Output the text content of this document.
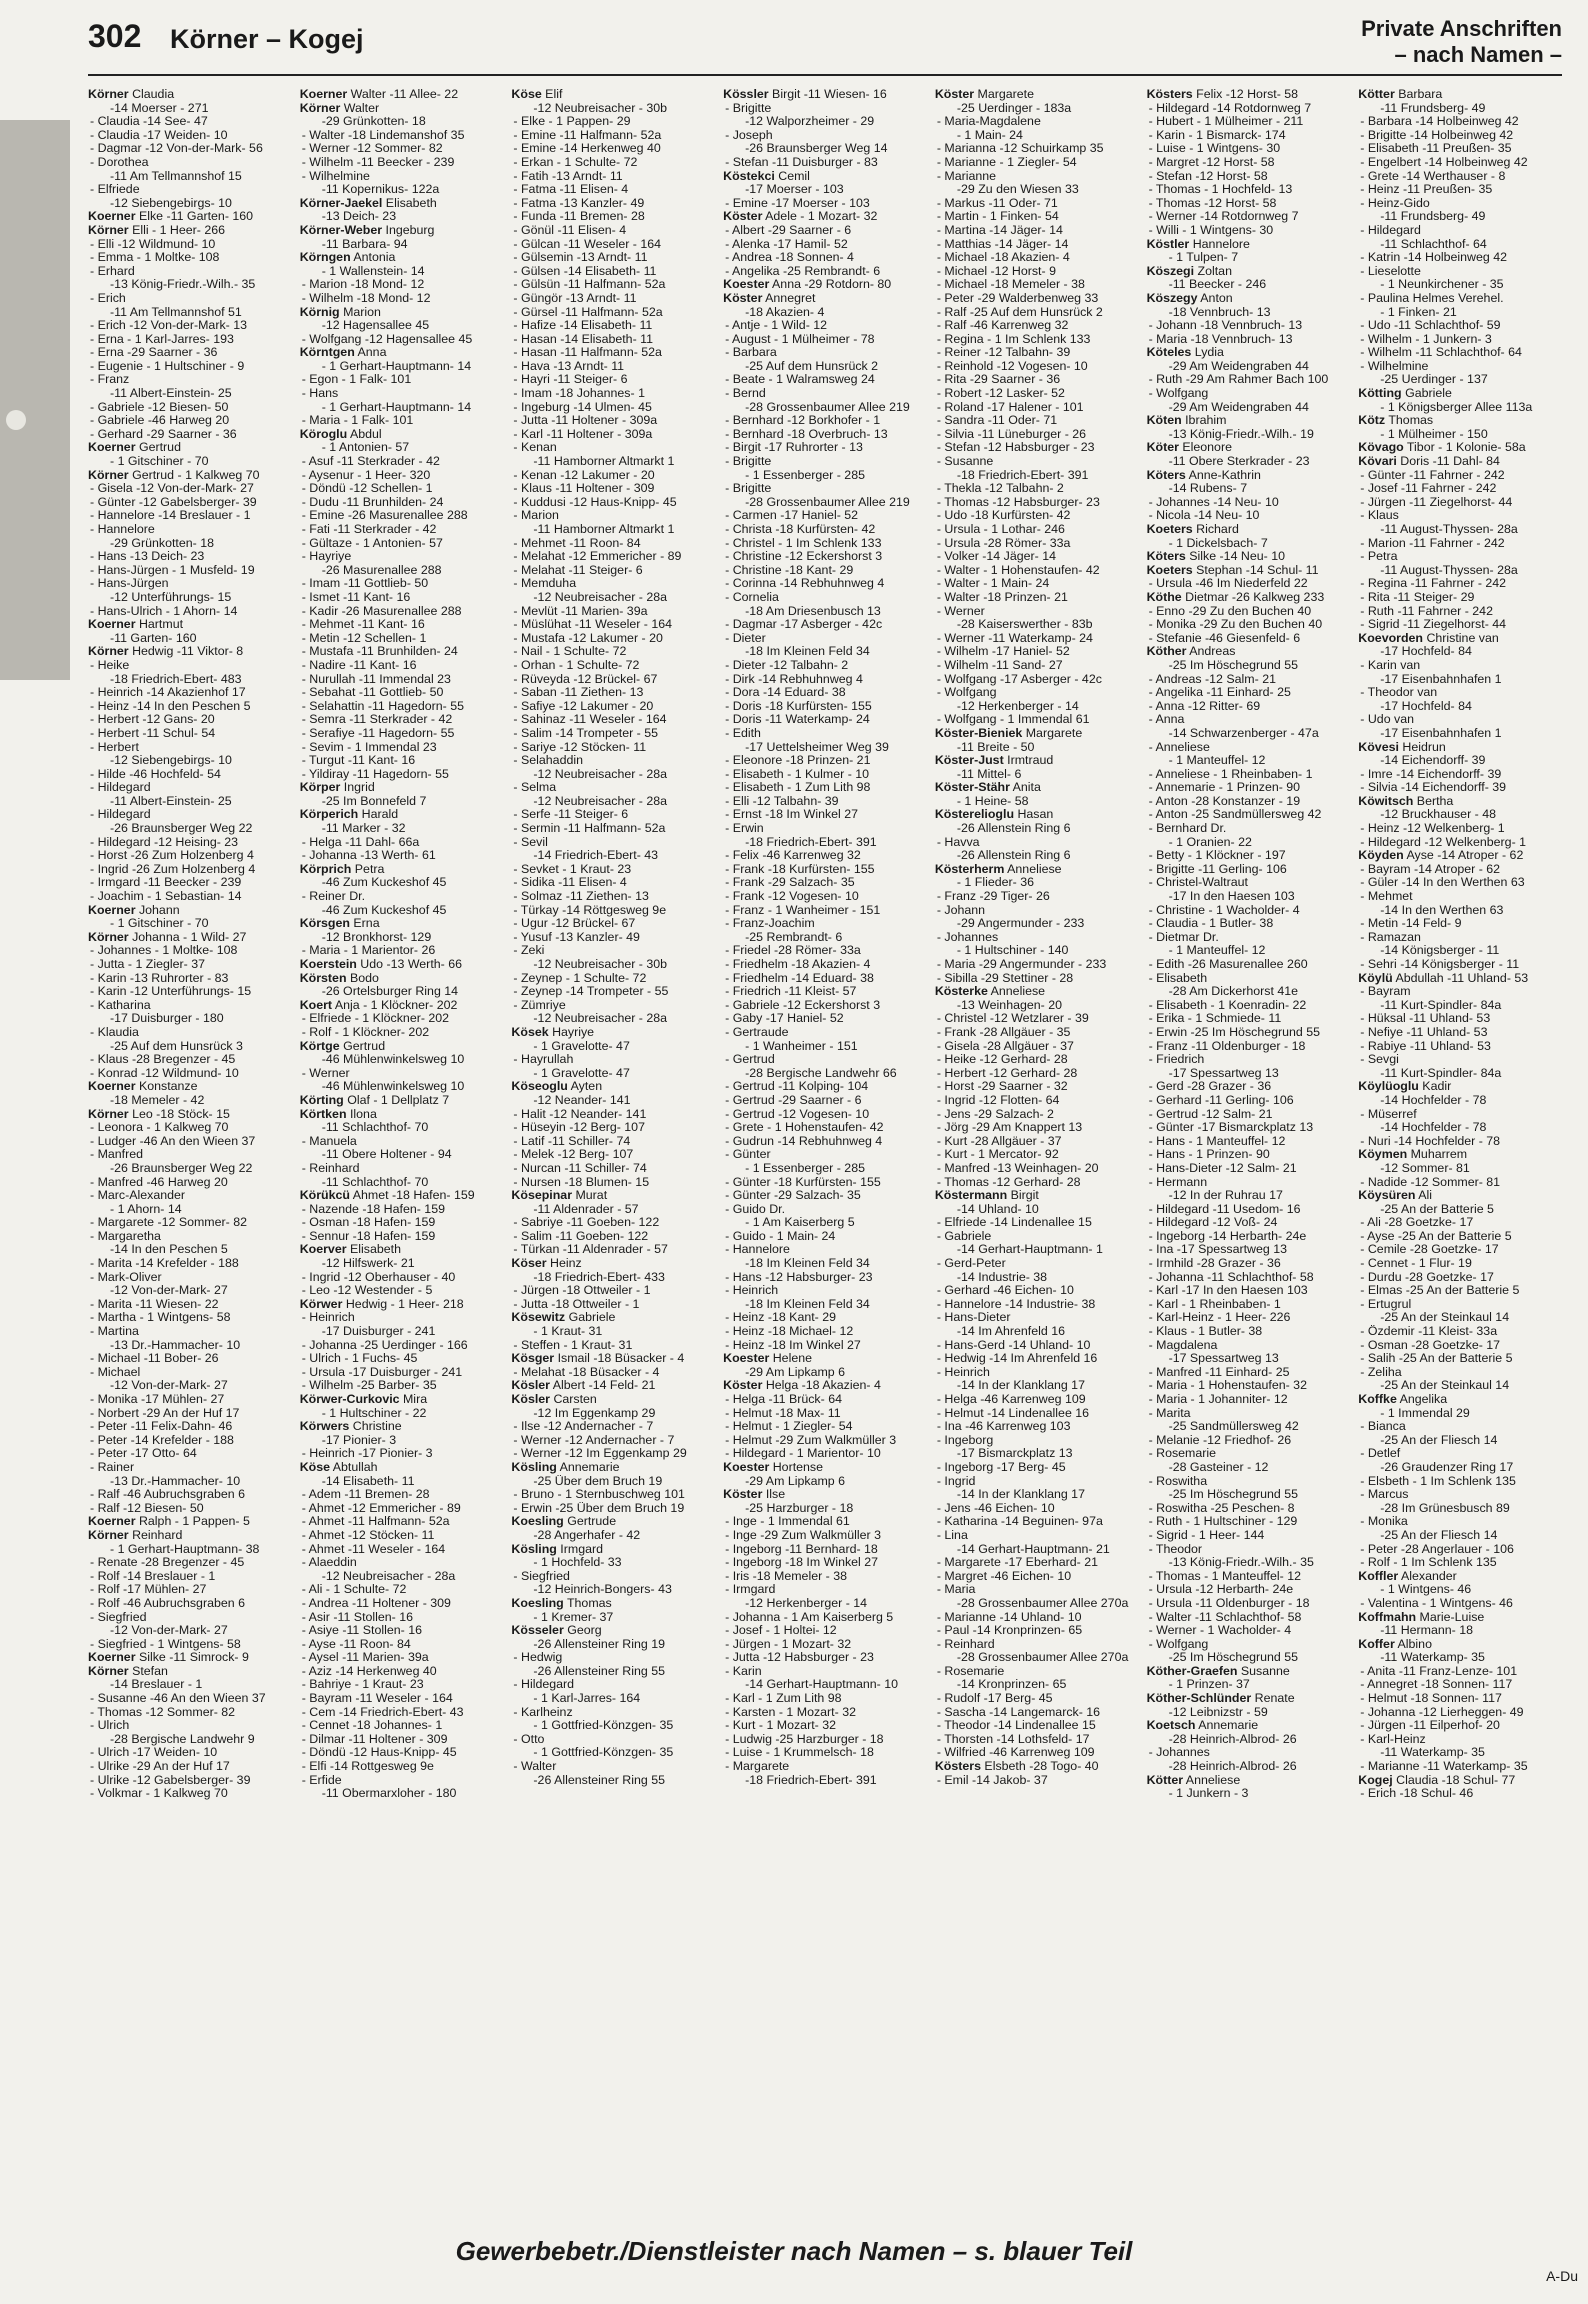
302 Körner – Kogej	Private Anschriften
– nach Namen –
Körner Claudia
-14 Moerser - 271
- Claudia -14 See- 47
- Claudia -17 Weiden- 10
- Dagmar -12 Von-der-Mark- 56
- Dorothea
-11 Am Tellmannshof 15
- Elfriede
-12 Siebengebirgs- 10
Koerner Elke -11 Garten- 160
Körner Elli - 1 Heer- 266
- Elli -12 Wildmund- 10
- Emma - 1 Moltke- 108
- Erhard
-13 König-Friedr.-Wilh.- 35
- Erich
-11 Am Tellmannshof 51
- Erich -12 Von-der-Mark- 13
- Erna - 1 Karl-Jarres- 193
- Erna -29 Saarner - 36
- Eugenie - 1 Hultschiner - 9
- Franz
-11 Albert-Einstein- 25
- Gabriele -12 Biesen- 50
- Gabriele -46 Harweg 20
- Gerhard -29 Saarner - 36
Koerner Gertrud
- 1 Gitschiner - 70
Körner Gertrud - 1 Kalkweg 70
- Gisela -12 Von-der-Mark- 27
- Günter -12 Gabelsberger- 39
- Hannelore -14 Breslauer - 1
- Hannelore
-29 Grünkotten- 18
- Hans -13 Deich- 23
- Hans-Jürgen - 1 Musfeld- 19
- Hans-Jürgen
-12 Unterführungs- 15
- Hans-Ulrich - 1 Ahorn- 14
Koerner Hartmut
-11 Garten- 160
Körner Hedwig -11 Viktor- 8
- Heike
-18 Friedrich-Ebert- 483
- Heinrich -14 Akazienhof 17
- Heinz -14 In den Peschen 5
- Herbert -12 Gans- 20
- Herbert -11 Schul- 54
- Herbert
-12 Siebengebirgs- 10
- Hilde -46 Hochfeld- 54
- Hildegard
-11 Albert-Einstein- 25
- Hildegard
-26 Braunsberger Weg 22
- Hildegard -12 Heising- 23
- Horst -26 Zum Holzenberg 4
- Ingrid -26 Zum Holzenberg 4
- Irmgard -11 Beecker - 239
- Joachim - 1 Sebastian- 14
Koerner Johann
- 1 Gitschiner - 70
Körner Johanna - 1 Wild- 27
- Johannes - 1 Moltke- 108
- Jutta - 1 Ziegler- 37
- Karin -13 Ruhrorter - 83
- Karin -12 Unterführungs- 15
- Katharina
-17 Duisburger - 180
- Klaudia
-25 Auf dem Hunsrück 3
- Klaus -28 Bregenzer - 45
- Konrad -12 Wildmund- 10
Koerner Konstanze
-18 Memeler - 42
Körner Leo -18 Stöck- 15
- Leonora - 1 Kalkweg 70
- Ludger -46 An den Wieen 37
- Manfred
-26 Braunsberger Weg 22
- Manfred -46 Harweg 20
- Marc-Alexander
- 1 Ahorn- 14
- Margarete -12 Sommer- 82
- Margaretha
-14 In den Peschen 5
- Marita -14 Krefelder - 188
- Mark-Oliver
-12 Von-der-Mark- 27
- Marita -11 Wiesen- 22
- Martha - 1 Wintgens- 58
- Martina
-13 Dr.-Hammacher- 10
- Michael -11 Bober- 26
- Michael
-12 Von-der-Mark- 27
- Monika -17 Mühlen- 27
- Norbert -29 An der Huf 17
- Peter -11 Felix-Dahn- 46
- Peter -14 Krefelder - 188
- Peter -17 Otto- 64
- Rainer
-13 Dr.-Hammacher- 10
- Ralf -46 Aubruchsgraben 6
- Ralf -12 Biesen- 50
Koerner Ralph - 1 Pappen- 5
Körner Reinhard
- 1 Gerhart-Hauptmann- 38
- Renate -28 Bregenzer - 45
- Rolf -14 Breslauer - 1
- Rolf -17 Mühlen- 27
- Rolf -46 Aubruchsgraben 6
- Siegfried
-12 Von-der-Mark- 27
- Siegfried - 1 Wintgens- 58
Koerner Silke -11 Simrock- 9
Körner Stefan
-14 Breslauer - 1
- Susanne -46 An den Wieen 37
- Thomas -12 Sommer- 82
- Ulrich
-28 Bergische Landwehr 9
- Ulrich -17 Weiden- 10
- Ulrike -29 An der Huf 17
- Ulrike -12 Gabelsberger- 39
- Volkmar - 1 Kalkweg 70
Koerner Walter -11 Allee- 22
Körner Walter
-29 Grünkotten- 18
- Walter -18 Lindemanshof 35
- Werner -12 Sommer- 82
- Wilhelm -11 Beecker - 239
- Wilhelmine
-11 Kopernikus- 122a
Körner-Jaekel Elisabeth
-13 Deich- 23
Körner-Weber Ingeburg
-11 Barbara- 94
Körngen Antonia
- 1 Wallenstein- 14
- Marion -18 Mond- 12
- Wilhelm -18 Mond- 12
Körnig Marion
-12 Hagensallee 45
- Wolfgang -12 Hagensallee 45
Körntgen Anna
- 1 Gerhart-Hauptmann- 14
- Egon - 1 Falk- 101
- Hans
- 1 Gerhart-Hauptmann- 14
- Maria - 1 Falk- 101
Köroglu Abdul
- 1 Antonien- 57
- Asuf -11 Sterkrader - 42
- Aysenur - 1 Heer- 320
- Döndü -12 Schellen- 1
- Dudu -11 Brunhilden- 24
- Emine -26 Masurenallee 288
- Fati -11 Sterkrader - 42
- Gültaze - 1 Antonien- 57
- Hayriye
-26 Masurenallee 288
- Imam -11 Gottlieb- 50
- Ismet -11 Kant- 16
- Kadir -26 Masurenallee 288
- Mehmet -11 Kant- 16
- Metin -12 Schellen- 1
- Mustafa -11 Brunhilden- 24
- Nadire -11 Kant- 16
- Nurullah -11 Immendal 23
- Sebahat -11 Gottlieb- 50
- Selahattin -11 Hagedorn- 55
- Semra -11 Sterkrader - 42
- Serafiye -11 Hagedorn- 55
- Sevim - 1 Immendal 23
- Turgut -11 Kant- 16
- Yildiray -11 Hagedorn- 55
Körper Ingrid
-25 Im Bonnefeld 7
Körperich Harald
-11 Marker - 32
- Helga -11 Dahl- 66a
- Johanna -13 Werth- 61
Körprich Petra
-46 Zum Kuckeshof 45
- Reiner Dr.
-46 Zum Kuckeshof 45
Körsgen Erna
-12 Bronkhorst- 129
- Maria - 1 Marientor- 26
Koerstein Udo -13 Werth- 66
Körsten Bodo
-26 Ortelsburger Ring 14
Koert Anja - 1 Klöckner- 202
- Elfriede - 1 Klöckner- 202
- Rolf - 1 Klöckner- 202
Körtge Gertrud
-46 Mühlenwinkelsweg 10
- Werner
-46 Mühlenwinkelsweg 10
Körting Olaf - 1 Dellplatz 7
Körtken Ilona
-11 Schlachthof- 70
- Manuela
-11 Obere Holtener - 94
- Reinhard
-11 Schlachthof- 70
Körükcü Ahmet -18 Hafen- 159
- Nazende -18 Hafen- 159
- Osman -18 Hafen- 159
- Sennur -18 Hafen- 159
Koerver Elisabeth
-12 Hilfswerk- 21
- Ingrid -12 Oberhauser - 40
- Leo -12 Westender - 5
Körwer Hedwig - 1 Heer- 218
- Heinrich
-17 Duisburger - 241
- Johanna -25 Uerdinger - 166
- Ulrich - 1 Fuchs- 45
- Ursula -17 Duisburger - 241
- Wilhelm -25 Barber- 35
Körwer-Curkovic Mira
- 1 Hultschiner - 22
Körwers Christine
-17 Pionier- 3
- Heinrich -17 Pionier- 3
Köse Abtullah
-14 Elisabeth- 11
- Adem -11 Bremen- 28
- Ahmet -12 Emmericher - 89
- Ahmet -11 Halfmann- 52a
- Ahmet -12 Stöcken- 11
- Ahmet -11 Weseler - 164
- Alaeddin
-12 Neubreisacher - 28a
- Ali - 1 Schulte- 72
- Andrea -11 Holtener - 309
- Asir -11 Stollen- 16
- Asiye -11 Stollen- 16
- Ayse -11 Roon- 84
- Aysel -11 Marien- 39a
- Aziz -14 Herkenweg 40
- Bahriye - 1 Kraut- 23
- Bayram -11 Weseler - 164
- Cem -14 Friedrich-Ebert- 43
- Cennet -18 Johannes- 1
- Dilmar -11 Holtener - 309
- Döndü -12 Haus-Knipp- 45
- Elfi -14 Rottgesweg 9e
- Erfide
-11 Obermarxloher - 180
Köse Elif
-12 Neubreisacher - 30b
- Elke - 1 Pappen- 29
- Emine -11 Halfmann- 52a
- Emine -14 Herkenweg 40
- Erkan - 1 Schulte- 72
- Fatih -13 Arndt- 11
- Fatma -11 Elisen- 4
- Fatma -13 Kanzler- 49
- Funda -11 Bremen- 28
- Gönül -11 Elisen- 4
- Gülcan -11 Weseler - 164
- Gülsemin -13 Arndt- 11
- Gülsen -14 Elisabeth- 11
- Gülsün -11 Halfmann- 52a
- Güngör -13 Arndt- 11
- Gürsel -11 Halfmann- 52a
- Hafize -14 Elisabeth- 11
- Hasan -14 Elisabeth- 11
- Hasan -11 Halfmann- 52a
- Hava -13 Arndt- 11
- Hayri -11 Steiger- 6
- Imam -18 Johannes- 1
- Ingeburg -14 Ulmen- 45
- Jutta -11 Holtener - 309a
- Karl -11 Holtener - 309a
- Kenan
-11 Hamborner Altmarkt 1
- Kenan -12 Lakumer - 20
- Klaus -11 Holtener - 309
- Kuddusi -12 Haus-Knipp- 45
- Marion
-11 Hamborner Altmarkt 1
- Mehmet -11 Roon- 84
- Melahat -12 Emmericher - 89
- Melahat -11 Steiger- 6
- Memduha
-12 Neubreisacher - 28a
- Mevlüt -11 Marien- 39a
- Müslühat -11 Weseler - 164
- Mustafa -12 Lakumer - 20
- Nail - 1 Schulte- 72
- Orhan - 1 Schulte- 72
- Rüveyda -12 Brückel- 67
- Saban -11 Ziethen- 13
- Safiye -12 Lakumer - 20
- Sahinaz -11 Weseler - 164
- Salim -14 Trompeter - 55
- Sariye -12 Stöcken- 11
- Selahaddin
-12 Neubreisacher - 28a
- Selma
-12 Neubreisacher - 28a
- Serfe -11 Steiger- 6
- Sermin -11 Halfmann- 52a
- Sevil
-14 Friedrich-Ebert- 43
- Sevket - 1 Kraut- 23
- Sidika -11 Elisen- 4
- Solmaz -11 Ziethen- 13
- Türkay -14 Röttgesweg 9e
- Ugur -12 Brückel- 67
- Yusuf -13 Kanzler- 49
- Zeki
-12 Neubreisacher - 30b
- Zeynep - 1 Schulte- 72
- Zeynep -14 Trompeter - 55
- Zümriye
-12 Neubreisacher - 28a
Kösek Hayriye
- 1 Gravelotte- 47
- Hayrullah
- 1 Gravelotte- 47
Köseoglu Ayten
-12 Neander- 141
- Halit -12 Neander- 141
- Hüseyin -12 Berg- 107
- Latif -11 Schiller- 74
- Melek -12 Berg- 107
- Nurcan -11 Schiller- 74
- Nursen -18 Blumen- 15
Kösepinar Murat
-11 Aldenrader - 57
- Sabriye -11 Goeben- 122
- Salim -11 Goeben- 122
- Türkan -11 Aldenrader - 57
Köser Heinz
-18 Friedrich-Ebert- 433
- Jürgen -18 Ottweiler - 1
- Jutta -18 Ottweiler - 1
Kösewitz Gabriele
- 1 Kraut- 31
- Steffen - 1 Kraut- 31
Kösger Ismail -18 Büsacker - 4
- Melahat -18 Büsacker - 4
Kösler Albert -14 Feld- 21
Kösler Carsten
-12 Im Eggenkamp 29
- Ilse -12 Andernacher - 7
- Werner -12 Andernacher - 7
- Werner -12 Im Eggenkamp 29
Kösling Annemarie
-25 Über dem Bruch 19
- Bruno - 1 Sternbuschweg 101
- Erwin -25 Über dem Bruch 19
Koesling Gertrude
-28 Angerhafer - 42
Kösling Irmgard
- 1 Hochfeld- 33
- Siegfried
-12 Heinrich-Bongers- 43
Koesling Thomas
- 1 Kremer- 37
Kösseler Georg
-26 Allensteiner Ring 19
- Hedwig
-26 Allensteiner Ring 55
- Hildegard
- 1 Karl-Jarres- 164
- Karlheinz
- 1 Gottfried-Könzgen- 35
- Otto
- 1 Gottfried-Könzgen- 35
- Walter
-26 Allensteiner Ring 55
Kössler Birgit -11 Wiesen- 16
- Brigitte
-12 Walporzheimer - 29
- Joseph
-26 Braunsberger Weg 14
- Stefan -11 Duisburger - 83
Köstekci Cemil
-17 Moerser - 103
- Emine -17 Moerser - 103
Köster Adele - 1 Mozart- 32
- Albert -29 Saarner - 6
- Alenka -17 Hamil- 52
- Andrea -18 Sonnen- 4
- Angelika -25 Rembrandt- 6
Koester Anna -29 Rotdorn- 80
Köster Annegret
-18 Akazien- 4
- Antje - 1 Wild- 12
- August - 1 Mülheimer - 78
- Barbara
-25 Auf dem Hunsrück 2
- Beate - 1 Walramsweg 24
- Bernd
-28 Grossenbaumer Allee 219
- Bernhard -12 Borkhofer - 1
- Bernhard -18 Overbruch- 13
- Birgit -17 Ruhrorter - 13
- Brigitte
- 1 Essenberger - 285
- Brigitte
-28 Grossenbaumer Allee 219
- Carmen -17 Haniel- 52
- Christa -18 Kurfürsten- 42
- Christel - 1 Im Schlenk 133
- Christine -12 Eckershorst 3
- Christine -18 Kant- 29
- Corinna -14 Rebhuhnweg 4
- Cornelia
-18 Am Driesenbusch 13
- Dagmar -17 Asberger - 42c
- Dieter
-18 Im Kleinen Feld 34
- Dieter -12 Talbahn- 2
- Dirk -14 Rebhuhnweg 4
- Dora -14 Eduard- 38
- Doris -18 Kurfürsten- 155
- Doris -11 Waterkamp- 24
- Edith
-17 Uettelsheimer Weg 39
- Eleonore -18 Prinzen- 21
- Elisabeth - 1 Kulmer - 10
- Elisabeth - 1 Zum Lith 98
- Elli -12 Talbahn- 39
- Ernst -18 Im Winkel 27
- Erwin
-18 Friedrich-Ebert- 391
- Felix -46 Karrenweg 32
- Frank -18 Kurfürsten- 155
- Frank -29 Salzach- 35
- Frank -12 Vogesen- 10
- Franz - 1 Wanheimer - 151
- Franz-Joachim
-25 Rembrandt- 6
- Friedel -28 Römer- 33a
- Friedhelm -18 Akazien- 4
- Friedhelm -14 Eduard- 38
- Friedrich -11 Kleist- 57
- Gabriele -12 Eckershorst 3
- Gaby -17 Haniel- 52
- Gertraude
- 1 Wanheimer - 151
- Gertrud
-28 Bergische Landwehr 66
- Gertrud -11 Kolping- 104
- Gertrud -29 Saarner - 6
- Gertrud -12 Vogesen- 10
- Grete - 1 Hohenstaufen- 42
- Gudrun -14 Rebhuhnweg 4
- Günter
- 1 Essenberger - 285
- Günter -18 Kurfürsten- 155
- Günter -29 Salzach- 35
- Guido Dr.
- 1 Am Kaiserberg 5
- Guido - 1 Main- 24
- Hannelore
-18 Im Kleinen Feld 34
- Hans -12 Habsburger- 23
- Heinrich
-18 Im Kleinen Feld 34
- Heinz -18 Kant- 29
- Heinz -18 Michael- 12
- Heinz -18 Im Winkel 27
Koester Helene
-29 Am Lipkamp 6
Köster Helga -18 Akazien- 4
- Helga -11 Brück- 64
- Helmut -18 Max- 11
- Helmut - 1 Ziegler- 54
- Helmut -29 Zum Walkmüller 3
- Hildegard - 1 Marientor- 10
Koester Hortense
-29 Am Lipkamp 6
Köster Ilse
-25 Harzburger - 18
- Inge - 1 Immendal 61
- Inge -29 Zum Walkmüller 3
- Ingeborg -11 Bernhard- 18
- Ingeborg -18 Im Winkel 27
- Iris -18 Memeler - 38
- Irmgard
-12 Herkenberger - 14
- Johanna - 1 Am Kaiserberg 5
- Josef - 1 Holtei- 12
- Jürgen - 1 Mozart- 32
- Jutta -12 Habsburger - 23
- Karin
-14 Gerhart-Hauptmann- 10
- Karl - 1 Zum Lith 98
- Karsten - 1 Mozart- 32
- Kurt - 1 Mozart- 32
- Ludwig -25 Harzburger - 18
- Luise - 1 Krummelsch- 18
- Margarete
-18 Friedrich-Ebert- 391
Köster Margarete
-25 Uerdinger - 183a
- Maria-Magdalene
- 1 Main- 24
- Marianna -12 Schuirkamp 35
- Marianne - 1 Ziegler- 54
- Marianne
-29 Zu den Wiesen 33
- Markus -11 Oder- 71
- Martin - 1 Finken- 54
- Martina -14 Jäger- 14
- Matthias -14 Jäger- 14
- Michael -18 Akazien- 4
- Michael -12 Horst- 9
- Michael -18 Memeler - 38
- Peter -29 Walderbenweg 33
- Ralf -25 Auf dem Hunsrück 2
- Ralf -46 Karrenweg 32
- Regina - 1 Im Schlenk 133
- Reiner -12 Talbahn- 39
- Reinhold -12 Vogesen- 10
- Rita -29 Saarner - 36
- Robert -12 Lasker- 52
- Roland -17 Halener - 101
- Sandra -11 Oder- 71
- Silvia -11 Lüneburger - 26
- Stefan -12 Habsburger - 23
- Susanne
-18 Friedrich-Ebert- 391
- Thekla -12 Talbahn- 2
- Thomas -12 Habsburger- 23
- Udo -18 Kurfürsten- 42
- Ursula - 1 Lothar- 246
- Ursula -28 Römer- 33a
- Volker -14 Jäger- 14
- Walter - 1 Hohenstaufen- 42
- Walter - 1 Main- 24
- Walter -18 Prinzen- 21
- Werner
-28 Kaiserswerther - 83b
- Werner -11 Waterkamp- 24
- Wilhelm -17 Haniel- 52
- Wilhelm -11 Sand- 27
- Wolfgang -17 Asberger - 42c
- Wolfgang
-12 Herkenberger - 14
- Wolfgang - 1 Immendal 61
Köster-Bieniek Margarete
-11 Breite - 50
Köster-Just Irmtraud
-11 Mittel- 6
Köster-Stähr Anita
- 1 Heine- 58
Kösterelioglu Hasan
-26 Allenstein Ring 6
- Havva
-26 Allenstein Ring 6
Kösterherm Anneliese
- 1 Flieder- 36
- Franz -29 Tiger- 26
- Johann
-29 Angermunder - 233
- Johannes
- 1 Hultschiner - 140
- Maria -29 Angermunder - 233
- Sibilla -29 Stettiner - 28
Kösterke Anneliese
-13 Weinhagen- 20
- Christel -12 Wetzlarer - 39
- Frank -28 Allgäuer - 35
- Gisela -28 Allgäuer - 37
- Heike -12 Gerhard- 28
- Herbert -12 Gerhard- 28
- Horst -29 Saarner - 32
- Ingrid -12 Flotten- 64
- Jens -29 Salzach- 2
- Jörg -29 Am Knappert 13
- Kurt -28 Allgäuer - 37
- Kurt - 1 Mercator- 92
- Manfred -13 Weinhagen- 20
- Thomas -12 Gerhard- 28
Köstermann Birgit
-14 Uhland- 10
- Elfriede -14 Lindenallee 15
- Gabriele
-14 Gerhart-Hauptmann- 1
- Gerd-Peter
-14 Industrie- 38
- Gerhard -46 Eichen- 10
- Hannelore -14 Industrie- 38
- Hans-Dieter
-14 Im Ahrenfeld 16
- Hans-Gerd -14 Uhland- 10
- Hedwig -14 Im Ahrenfeld 16
- Heinrich
-14 In der Klanklang 17
- Helga -46 Karrenweg 109
- Helmut -14 Lindenallee 16
- Ina -46 Karrenweg 103
- Ingeborg
-17 Bismarckplatz 13
- Ingeborg -17 Berg- 45
- Ingrid
-14 In der Klanklang 17
- Jens -46 Eichen- 10
- Katharina -14 Beguinen- 97a
- Lina
-14 Gerhart-Hauptmann- 21
- Margarete -17 Eberhard- 21
- Margret -46 Eichen- 10
- Maria
-28 Grossenbaumer Allee 270a
- Marianne -14 Uhland- 10
- Paul -14 Kronprinzen- 65
- Reinhard
-28 Grossenbaumer Allee 270a
- Rosemarie
-14 Kronprinzen- 65
- Rudolf -17 Berg- 45
- Sascha -14 Langemarck- 16
- Theodor -14 Lindenallee 15
- Thorsten -14 Lothsfeld- 17
- Wilfried -46 Karrenweg 109
Kösters Elsbeth -28 Togo- 40
- Emil -14 Jakob- 37
Kösters Felix -12 Horst- 58
- Hildegard -14 Rotdornweg 7
- Hubert - 1 Mülheimer - 211
- Karin - 1 Bismarck- 174
- Luise - 1 Wintgens- 30
- Margret -12 Horst- 58
- Stefan -12 Horst- 58
- Thomas - 1 Hochfeld- 13
- Thomas -12 Horst- 58
- Werner -14 Rotdornweg 7
- Willi - 1 Wintgens- 30
Köstler Hannelore
- 1 Tulpen- 7
Köszegi Zoltan
-11 Beecker - 246
Köszegy Anton
-18 Vennbruch- 13
- Johann -18 Vennbruch- 13
- Maria -18 Vennbruch- 13
Köteles Lydia
-29 Am Weidengraben 44
- Ruth -29 Am Rahmer Bach 100
- Wolfgang
-29 Am Weidengraben 44
Köten Ibrahim
-13 König-Friedr.-Wilh.- 19
Köter Eleonore
-11 Obere Sterkrader - 23
Köters Anne-Kathrin
-14 Rubens- 7
- Johannes -14 Neu- 10
- Nicola -14 Neu- 10
Koeters Richard
- 1 Dickelsbach- 7
Köters Silke -14 Neu- 10
Koeters Stephan -14 Schul- 11
- Ursula -46 Im Niederfeld 22
Köthe Dietmar -26 Kalkweg 233
- Enno -29 Zu den Buchen 40
- Monika -29 Zu den Buchen 40
- Stefanie -46 Giesenfeld- 6
Köther Andreas
-25 Im Höschegrund 55
- Andreas -12 Salm- 21
- Angelika -11 Einhard- 25
- Anna -12 Ritter- 69
- Anna
-14 Schwarzenberger - 47a
- Anneliese
- 1 Manteuffel- 12
- Anneliese - 1 Rheinbaben- 1
- Annemarie - 1 Prinzen- 90
- Anton -28 Konstanzer - 19
- Anton -25 Sandmüllersweg 42
- Bernhard Dr.
- 1 Oranien- 22
- Betty - 1 Klöckner - 197
- Brigitte -11 Gerling- 106
- Christel-Waltraut
-17 In den Haesen 103
- Christine - 1 Wacholder- 4
- Claudia - 1 Butler- 38
- Dietmar Dr.
- 1 Manteuffel- 12
- Edith -26 Masurenallee 260
- Elisabeth
-28 Am Dickerhorst 41e
- Elisabeth - 1 Koenradin- 22
- Erika - 1 Schmiede- 11
- Erwin -25 Im Höschegrund 55
- Franz -11 Oldenburger - 18
- Friedrich
-17 Spessartweg 13
- Gerd -28 Grazer - 36
- Gerhard -11 Gerling- 106
- Gertrud -12 Salm- 21
- Günter -17 Bismarckplatz 13
- Hans - 1 Manteuffel- 12
- Hans - 1 Prinzen- 90
- Hans-Dieter -12 Salm- 21
- Hermann
-12 In der Ruhrau 17
- Hildegard -11 Usedom- 16
- Hildegard -12 Voß- 24
- Ingeborg -14 Herbarth- 24e
- Ina -17 Spessartweg 13
- Irmhild -28 Grazer - 36
- Johanna -11 Schlachthof- 58
- Karl -17 In den Haesen 103
- Karl - 1 Rheinbaben- 1
- Karl-Heinz - 1 Heer- 226
- Klaus - 1 Butler- 38
- Magdalena
-17 Spessartweg 13
- Manfred -11 Einhard- 25
- Maria - 1 Hohenstaufen- 32
- Maria - 1 Johanniter- 12
- Marita
-25 Sandmüllersweg 42
- Melanie -12 Friedhof- 26
- Rosemarie
-28 Gasteiner - 12
- Roswitha
-25 Im Höschegrund 55
- Roswitha -25 Peschen- 8
- Ruth - 1 Hultschiner - 129
- Sigrid - 1 Heer- 144
- Theodor
-13 König-Friedr.-Wilh.- 35
- Thomas - 1 Manteuffel- 12
- Ursula -12 Herbarth- 24e
- Ursula -11 Oldenburger - 18
- Walter -11 Schlachthof- 58
- Werner - 1 Wacholder- 4
- Wolfgang
-25 Im Höschegrund 55
Köther-Graefen Susanne
- 1 Prinzen- 37
Köther-Schlünder Renate
-12 Leibnizstr - 59
Koetsch Annemarie
-28 Heinrich-Albrod- 26
- Johannes
-28 Heinrich-Albrod- 26
Kötter Anneliese
- 1 Junkern - 3
Kötter Barbara
-11 Frundsberg- 49
- Barbara -14 Holbeinweg 42
- Brigitte -14 Holbeinweg 42
- Elisabeth -11 Preußen- 35
- Engelbert -14 Holbeinweg 42
- Grete -14 Werthauser - 8
- Heinz -11 Preußen- 35
- Heinz-Gido
-11 Frundsberg- 49
- Hildegard
-11 Schlachthof- 64
- Katrin -14 Holbeinweg 42
- Lieselotte
- 1 Neunkirchener - 35
- Paulina Helmes Verehel.
- 1 Finken- 21
- Udo -11 Schlachthof- 59
- Wilhelm - 1 Junkern- 3
- Wilhelm -11 Schlachthof- 64
- Wilhelmine
-25 Uerdinger - 137
Kötting Gabriele
- 1 Königsberger Allee 113a
Kötz Thomas
- 1 Mülheimer - 150
Kövago Tibor - 1 Kolonie- 58a
Kövari Doris -11 Dahl- 84
- Günter -11 Fahrner - 242
- Josef -11 Fahrner - 242
- Jürgen -11 Ziegelhorst- 44
- Klaus
-11 August-Thyssen- 28a
- Marion -11 Fahrner - 242
- Petra
-11 August-Thyssen- 28a
- Regina -11 Fahrner - 242
- Rita -11 Steiger- 29
- Ruth -11 Fahrner - 242
- Sigrid -11 Ziegelhorst- 44
Koevorden Christine van
-17 Hochfeld- 84
- Karin van
-17 Eisenbahnhafen 1
- Theodor van
-17 Hochfeld- 84
- Udo van
-17 Eisenbahnhafen 1
Kövesi Heidrun
-14 Eichendorff- 39
- Imre -14 Eichendorff- 39
- Silvia -14 Eichendorff- 39
Köwitsch Bertha
-12 Bruckhauser - 48
- Heinz -12 Welkenberg- 1
- Hildegard -12 Welkenberg- 1
Köyden Ayse -14 Atroper - 62
- Bayram -14 Atroper - 62
- Güler -14 In den Werthen 63
- Mehmet
-14 In den Werthen 63
- Metin -14 Feld- 9
- Ramazan
-14 Königsberger - 11
- Sehri -14 Königsberger - 11
Köylü Abdullah -11 Uhland- 53
- Bayram
-11 Kurt-Spindler- 84a
- Hüksal -11 Uhland- 53
- Nefiye -11 Uhland- 53
- Rabiye -11 Uhland- 53
- Sevgi
-11 Kurt-Spindler- 84a
Köylüoglu Kadir
-14 Hochfelder - 78
- Müserref
-14 Hochfelder - 78
- Nuri -14 Hochfelder - 78
Köymen Muharrem
-12 Sommer- 81
- Nadide -12 Sommer- 81
Köysüren Ali
-25 An der Batterie 5
- Ali -28 Goetzke- 17
- Ayse -25 An der Batterie 5
- Cemile -28 Goetzke- 17
- Cennet - 1 Flur- 19
- Durdu -28 Goetzke- 17
- Elmas -25 An der Batterie 5
- Ertugrul
-25 An der Steinkaul 14
- Özdemir -11 Kleist- 33a
- Osman -28 Goetzke- 17
- Salih -25 An der Batterie 5
- Zeliha
-25 An der Steinkaul 14
Koffke Angelika
- 1 Immendal 29
- Bianca
-25 An der Fliesch 14
- Detlef
-26 Graudenzer Ring 17
- Elsbeth - 1 Im Schlenk 135
- Marcus
-28 Im Grünesbusch 89
- Monika
-25 An der Fliesch 14
- Peter -28 Angerlauer - 106
- Rolf - 1 Im Schlenk 135
Koffler Alexander
- 1 Wintgens- 46
- Valentina - 1 Wintgens- 46
Koffmahn Marie-Luise
-11 Hermann- 18
Koffer Albino
-11 Waterkamp- 35
- Anita -11 Franz-Lenze- 101
- Annegret -18 Sonnen- 117
- Helmut -18 Sonnen- 117
- Johanna -12 Lierheggen- 49
- Jürgen -11 Eilperhof- 20
- Karl-Heinz
-11 Waterkamp- 35
- Marianne -11 Waterkamp- 35
Kogej Claudia -18 Schul- 77
- Erich -18 Schul- 46
Gewerbebetr./Dienstleister nach Namen – s. blauer Teil
A-Du
